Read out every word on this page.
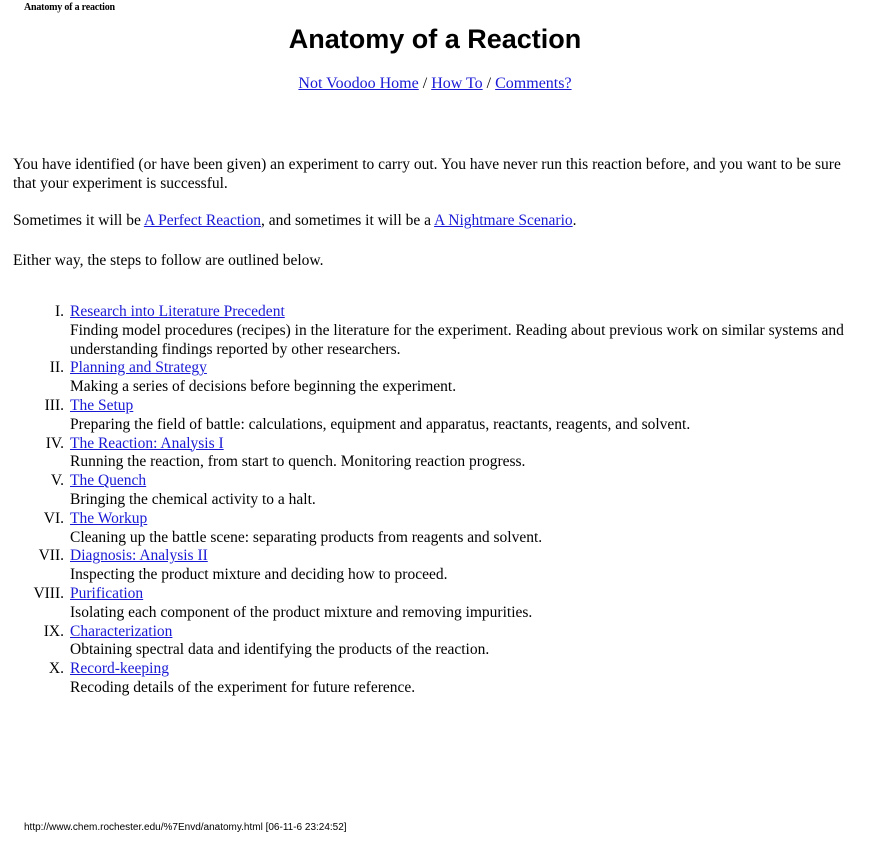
Anatomy of a reaction
Anatomy of a Reaction
Not Voodoo Home / How To / Comments?

You have identified (or have been given) an experiment to carry out. You have never run this reaction before, and you want to be sure that your experiment is successful.

Sometimes it will be A Perfect Reaction, and sometimes it will be a A Nightmare Scenario.

Either way, the steps to follow are outlined below.

I. Research into Literature Precedent
Finding model procedures (recipes) in the literature for the experiment. Reading about previous work on similar systems and understanding findings reported by other researchers.
II. Planning and Strategy
Making a series of decisions before beginning the experiment.
III. The Setup
Preparing the field of battle: calculations, equipment and apparatus, reactants, reagents, and solvent.
IV. The Reaction: Analysis I
Running the reaction, from start to quench. Monitoring reaction progress.
V. The Quench
Bringing the chemical activity to a halt.
VI. The Workup
Cleaning up the battle scene: separating products from reagents and solvent.
VII. Diagnosis: Analysis II
Inspecting the product mixture and deciding how to proceed.
VIII. Purification
Isolating each component of the product mixture and removing impurities.
IX. Characterization
Obtaining spectral data and identifying the products of the reaction.
X. Record-keeping
Recoding details of the experiment for future reference.
http://www.chem.rochester.edu/%7Envd/anatomy.html [06-11-6 23:24:52]
